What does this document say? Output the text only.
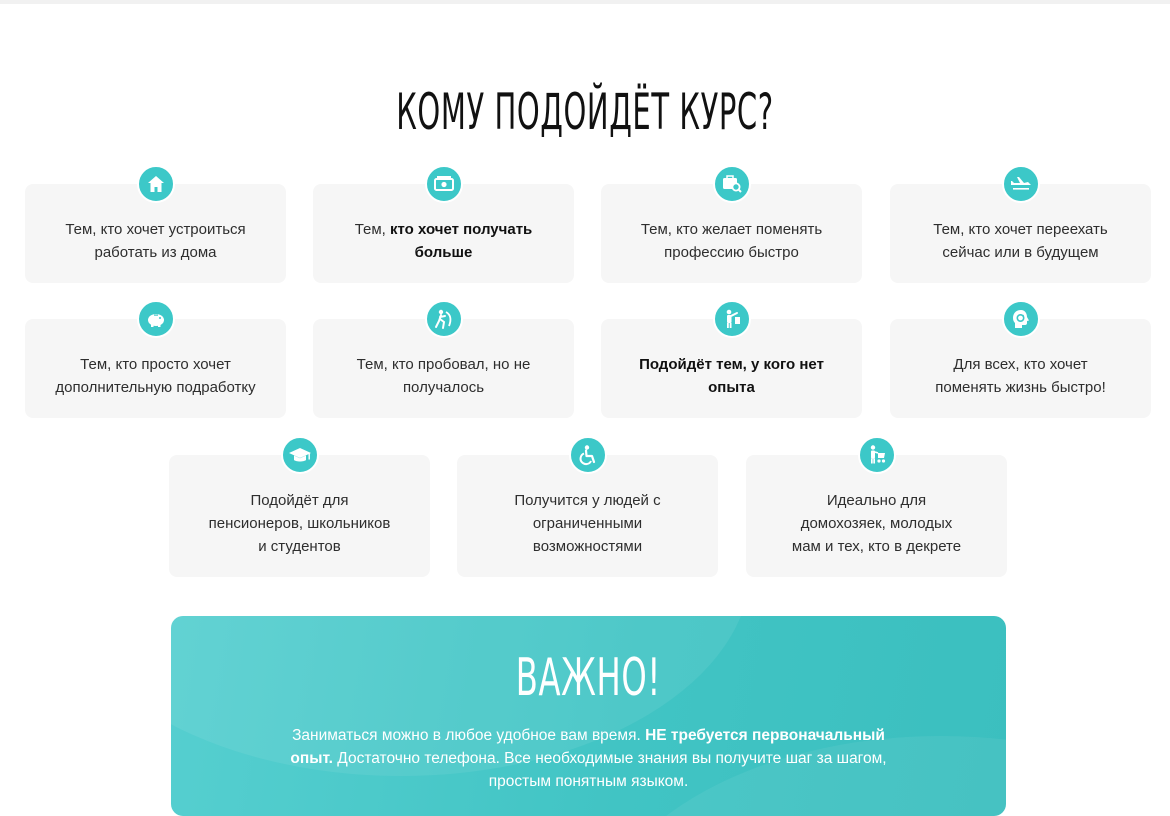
КОМУ ПОДОЙДЁТ КУРС?
Тем, кто хочет устроиться
работать из дома
Тем, кто хочет получать
больше
Тем, кто желает поменять
профессию быстро
Тем, кто хочет переехать
сейчас или в будущем
Тем, кто просто хочет
дополнительную подработку
Тем, кто пробовал, но не
получалось
Подойдёт тем, у кого нет
опыта
Для всех, кто хочет
поменять жизнь быстро!
Подойдёт для
пенсионеров, школьников
и студентов
Получится у людей с
ограниченными
возможностями
Идеально для
домохозяек, молодых
мам и тех, кто в декрете
ВАЖНО!
Заниматься можно в любое удобное вам время. НЕ требуется первоначальный
опыт. Достаточно телефона. Все необходимые знания вы получите шаг за шагом,
простым понятным языком.
